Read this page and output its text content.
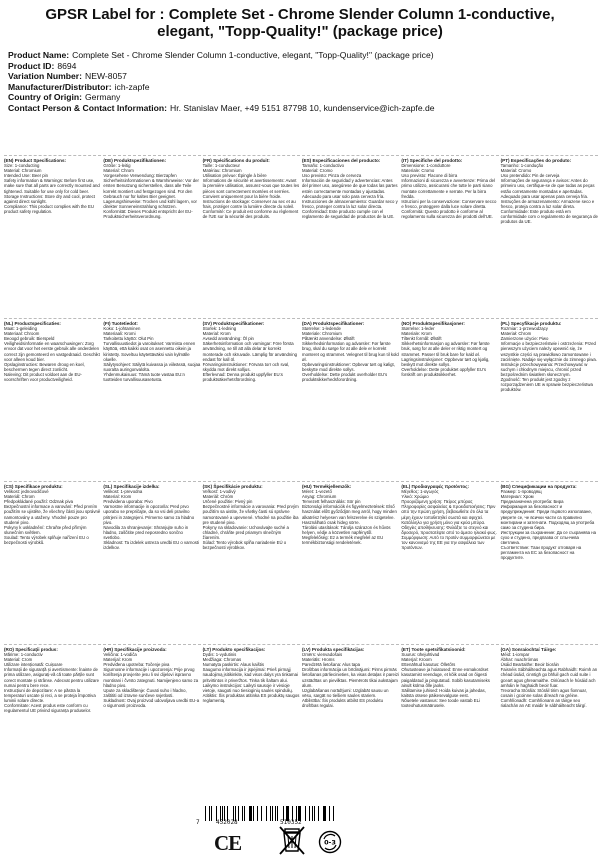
GPSR Label for : Complete Set - Chrome Slender Column 1-conductive, elegant, "Topp-Quality!" (package price)
Product Name: Complete Set - Chrome Slender Column 1-conductive, elegant, "Topp-Quality!" (package price)
Product ID: 8694
Variation Number: NEW-8057
Manufacturer/Distributor: ich-zapfe
Country of Origin: Germany
Contact Person & Contact Information: Hr. Stanislav Maer, +49 5151 87798 10, kundenservice@ich-zapfe.de
(EN) Product Specifications:
Size: 1-conducting
Material: Chromium
Intended Use: Beer pin
Safety information & Warnings: Before first use, make sure that all parts are correctly mounted and tightened. Suitable for use only for cold beer.
Storage Instructions: Store dry and cool, protect against direct sunlight.
Compliance: This product complies with the EU product safety regulation.
(DE) Produktspezifikationen:
Größe: 1-leitig
Material: Chrom
Vorgesehene Verwendung: Bierzapfen
Sicherheitsinformationen & Warnhinweise: Vor der ersten Benutzung sicherstellen, dass alle Teile korrekt montiert und festgezogen sind. Für den Gebrauch nur für kaltes Bier geeignet.
Lagerungshinweise: Trocken und kühl lagern, vor direkter Sonneneinstrahlung schützen.
Konformität: Dieses Produkt entspricht der EU-Produktsicherheitsverordnung.
(FR) Spécifications du produit:
Taille: 1-conducteur
Matériau: Chromium
Utilisation prévue: Épingle à bière
Informations de sécurité et avertissements: Avant la première utilisation, assurez-vous que toutes les pièces sont correctement montées et serrées. Convient uniquement pour la bière froide.
Instructions de stockage: Conserver au sec et au frais, protéger contre la lumière directe du soleil.
Conformité: Ce produit est conforme au règlement de l'UE sur la sécurité des produits.
(ES) Especificaciones del producto:
Tamaño: 1-conductivo
Material: Cromo
Uso previsto: Pinza de cerveza
Información de seguridad y advertencias: Antes del primer uso, asegúrese de que todas las partes estén correctamente montadas y ajustadas. Adecuado para usar solo para cerveza fría.
Instrucciones de almacenamiento: Guardar seco y fresco, proteger contra la luz solar directa.
Conformidad: Este producto cumple con el reglamento de seguridad de productos de la UE.
(IT) Specifiche del prodotto:
Dimensione: 1-conduttore
Materiale: Cromo
Uso previsto: Flacone di birra
Informazioni di sicurezza e avvertenze: Prima del primo utilizzo, assicurarsi che tutte le parti siano montate correttamente e serrate. Per la birra fredda.
Istruzioni per la conservazione: Conservare secco e fresco, proteggere dalla luce solare diretta.
Conformità: Questo prodotto è conforme al regolamento sulla sicurezza dei prodotti dell'UE.
(PT) Especificações do produto:
Tamanho: 1-condução
Material: Cromo
Uso pretendido: Pin de cerveja
Informações de segurança e avisos: Antes do primeiro uso, certifique-se de que todas as peças estão corretamente montadas e apertadas. Adequado para usar apenas para cerveja fria.
Instruções de armazenamento: Armazene seco e fresco, proteja contra a luz solar direta.
Conformidade: Este produto está em conformidade com o regulamento de segurança de produtos da UE.
(NL) Productspecificaties:
Maat: 1-geleiding
Materiaal: Chroom
Beoogd gebruik: Bierspeld
Veiligheidsinformatie en waarschuwingen: Zorg ervoor dat voor het eerste gebruik alle onderdelen correct zijn gemonteerd en vastgedraaid. Geschikt voor alleen koud bier.
Opslaginstructies: Bewaren droog en koel, beschermen tegen direct zonlicht.
Naleving: Dit product voldoet aan de EU-voorschriften voor productveiligheid.
(FI) Tuotetiedot:
Koko: 1-johtaminen
Materiaali: Kromi
Tarkoitettu käyttö: Olut Pin
Turvallisuustiedot ja varoitukset: Varmista ennen käyttöä, että kaikki osat on asennettu oikein ja kiristetty. Soveltuu käytettäväksi vain kylmälle oluelle.
Säilytysohjeet: Säilytä kuivassa ja viileässä, suojaa suoralta auringonvalolta.
Yhdenmukaisuus: Tämä tuote vastaa EU:n tuotteiden turvallisuusasetusta.
(SV) Produktspecifikationer:
Storlek: 1-ledning
Material: Krom
Avsedd användning: Öl pin
Säkerhetsinformation och varningar: Före första användning, se till att alla delar är korrekt monterade och skruvade. Lämplig för användning endast för kall öl.
Förvaringsinstruktioner: Förvara torr och sval, skydda mot direkt solljus.
Efterlevnad: Denna produkt uppfyller EU:s produktsäkerhetsförordning.
(DA) Produktspecifikationer:
Størrelse: 1-ledende
Materiale: Chromium
Påtænkt anvendelse: Ølstift
Sikkerhedsinformation og advarsler: Før første brug, skal du sørge for at alle dele er korrekt monteret og strammet. Velegnet til brug kun til kold øl.
Opbevaringsinstruktioner: Opbevar tørt og køligt, beskytte mod direkte sollys.
Overholdelse: Dette produkt overholder EU's produktsikkerhedsforordning.
(NO) Produktspesifikasjoner:
Størrelse: 1-leder
Materiale: Krom
Tiltenkt formål: Ølstift
Sikkerhetsinformasjon og advarsler: Før første bruk, sørg for at alle deler er riktig montert og strammet. Passer til bruk bare for kald øl.
Lagringsinstruksjoner: Oppbevar tørt og kjølig, beskytt mot direkte sollys.
Overholdelse: Dette produktet oppfyller EU's forskrift om produktsikkerhet.
(PL) Specyfikacje produktu:
Rozmiar: 1-przewodzący
Materiał: Chrom
Zamierzone użycie: Piwo
Informacje o bezpieczeństwie i ostrzeżenia: Przed pierwszym użyciem należy upewnić się, że wszystkie części są prawidłowo zamontowane i zaciśnięte. Nadaje się wyłącznie do zimnego piwa.
Instrukcje przechowywania: Przechowywać w suchym i chłodnym miejscu, chronić przed bezpośrednim światłem słonecznym.
Zgodność: Ten produkt jest zgodny z rozporządzeniem UE w sprawie bezpieczeństwa produktów.
(CS) Specifikace produktu:
Velikost: jednovodičové
Materiál: Chrom
Předpokládané použití: Odznak piva
Bezpečnostní informace a varování: Před prvním použitím se ujistěte, že všechny části jsou správně namontovány a utaženy. Vhodné pouze pro studené pivo.
Pokyny k uskladnění: Chraňte před přímým slunečním světlem.
Soulad: Tento výrobek splňuje nařízení EU o bezpečnosti výrobků.
(SL) Specifikacije izdelka:
Velikost: 1-prevodna
Material: Krom
Predvidena uporaba: Pivo
Varnostne informacije in opozorila: Pred prvo uporabo se prepričajte, da so vsi deli pravilno pritrjeni in zategnjeni. Primerno samo za hladno pivo.
Navodila za shranjevanje: Shranjujte suho in hladno, zaščitite pred neposredno sončno svetlobo.
Skladnost: Ta izdelek ustreza uredbi EU o varnosti izdelkov.
(SK) Špecifikácie produktu:
Veľkosť: 1-vodivý
Materiál: Chróm
Určené použitie: Pivný pin
Bezpečnostné informácie a varovania: Pred prvým použitím sa uistite, že všetky časti sú správne namontované a upevnené. Vhodné na použitie iba pre studené pivo.
Pokyny na skladovanie: Uchovávajte suché a chladné, chráňte pred priamym slnečným žiarením.
Súlad: Tento výrobok spĺňa nariadenie EÚ o bezpečnosti výrobkov.
(HU) Termékjellemzők:
Méret: 1-vezető
Anyag: Chromium
Tervezett felhasználás: Sör pin
Biztonsági információk és figyelmeztetések: Első használat előtt győződjön meg arról, hogy minden alkatrész helyesen van felszerelve és szigetelve. Használható csak hideg sörre.
Tárolási utasítások: Tárolja szárazon és hűvös helyen, védje a közvetlen napfénytől.
Megfelelőség: Ez a termék megfelel az EU termékbiztonsági rendeletének.
(EL) Προδιαγραφές προϊόντος:
Μέγεθος: 1-αγωγός
Υλικό: Χρώμιο
Προοριζόμενη χρήση: Πείρος μπύρας
Πληροφορίες ασφαλείας & προειδοποιήσεις: Πριν από την πρώτη χρήση, βεβαιωθείτε ότι όλα τα μέρη έχουν τοποθετηθεί σωστά και σφιχτεί. Κατάλληλο για χρήση μόνο για κρύα μπύρα.
Οδηγίες αποθήκευσης: Φυλάξτε το στεγνό και δροσερό, προστατέψτε από το άμεσο ηλιακό φως.
Συμμόρφωση: Αυτό το προϊόν συμμορφώνεται με τον κανονισμό της ΕΕ για την ασφάλεια των προϊόντων.
(BG) Спецификации на продукта:
Размер: 1-проводящ
Материал: Хром
Предназначена употреба: Бира
Информация за безопасност и предупреждения: Преди първото използване, уверете се, че всички части са правилно монтирани и затегнати. Подходящ за употреба само за студена бира.
Инструкции за съхранение: Да се съхранява на сухо и студено, предпазва от слънчева светлина.
Съответствие: Тази продукт отговаря на регламента на ЕС за безопасност на продуктите.
(RO) Specificații produs:
Mărime: 1-conductiv
Material: Crom
Utilizare intenționată: Cuișoare
Informații de siguranță și avertismente: Înainte de prima utilizare, asigurați-vă că toate părțile sunt corect montate și strânse. Adecvat pentru utilizare numai pentru bere rece.
Instrucțiuni de depozitare: A se păstra la temperaturi uscate și reci, a se proteja împotriva luminii solare directe.
Conformitate: Acest produs este conform cu regulamentul UE privind siguranța produselor.
(HR) Specifikacije proizvoda:
Veličina: 1-vodiča
Materijal: Krom
Predviđena upotreba: Točenje piva
Sigurnosne informacije i upozorenja: Prije prvog korištenja provjerite jesu li svi dijelovi ispravno montirani i čvrsto zategnuti. Namijenjeno samo za hladno pivo.
Upute za skladištenje: Čuvati suho i hladno, zaštititi od izravne sunčeve svjetlosti.
Sukladnost: Ovaj proizvod udovoljava uredbi EU-a o sigurnosti proizvoda.
(LT) Produkto specifikacijos:
Dydis: 1-vydutinis
Medžiaga: Chromas
Numatyta paskirtis: Alaus kaištis
Saugumo informacija ir įspėjimai: Prieš pirmąjį naudojimą įsitikinkite, kad visos dalys yra tinkamai pritvirtintos ir priveržtos. Tinka tik šaltam alui.
Laikymo instrukcijos: Laikyti sausoje ir vėsioje vietoje, saugoti nuo tiesioginių saulės spindulių.
Atitiktis: Šis produktas atitinka ES produktų saugos reglamentą.
(LV) Produkta specifikācijas:
Izmērs: vienvadošais
Materiāls: Hroms
Paredzētā lietošana: Alus tapa
Drošības informācija un brīdinājumi: Pirms pirmās lietošanas pārliecinieties, ka visas detaļas ir pareizi uzstādītas un pievilktas. Piemērots tikai aukstajam alum.
Uzglabāšanas norādījumi: Uzglabāt sausu un vēsu, sargāt no tiešiem saules stariem.
Atbilstība: Šis produkts atbilst ES produktu drošības regulai.
(ET) Toote spetsifikatsioonid:
Suurus: ühejuhtivad
Materjal: Kroom
Ettenähtud kasutus: Õlletõrs
Ohutusteave ja hoiatused: Enne esmakordset kasutamist veenduge, et kõik osad on õigesti paigaldatud ja pingutatud. Sobib kasutamiseks ainult külma õlle jaoks.
Säilitamise juhised: Hoida kuivas ja jahedas, kaitsta otsese päikesevalguse eest.
Nõuetele vastavus: See toode vastab ELi tooteohutusmäärusele.
(GA) Sonraíochtaí Táirge:
Méid: 1-iompar
Ábhar: nuachrómas
Úsáid Beartaithe: Beoir bioráin
Faisnéis Sábháilteachta agus Rabhaidh: Roimh an chéad úsáid, cinntigh go bhfuil gach cuid suite i gceart agus ghreamaithe. Oiriúnach le húsáid ach amháin le haghaidh beoir fuar.
Treoracha Stórála: Stóráil tirim agus fionnuar, cosain i gcoinne solas díreach na gréine.
Comhlíonadh: Comhlíonann an táirge seo rialachán an AE maidir le sábháilteacht táirgí.
7	452028	510352
CE	0-3
